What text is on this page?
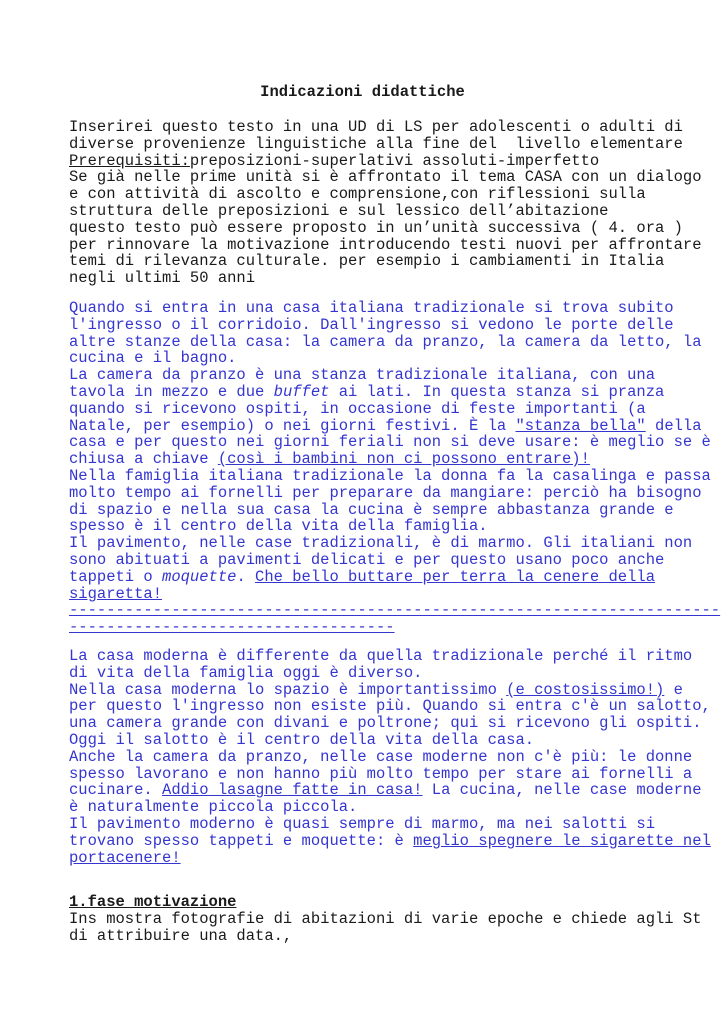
Indicazioni didattiche
Inserirei questo testo in una UD di LS per adolescenti o adulti di
diverse provenienze linguistiche alla fine del  livello elementare
Prerequisiti:preposizioni-superlativi assoluti-imperfetto
Se già nelle prime unità si è affrontato il tema CASA con un dialogo
e con attività di ascolto e comprensione,con riflessioni sulla
struttura delle preposizioni e sul lessico dell’abitazione
questo testo può essere proposto in un’unità successiva ( 4. ora )
per rinnovare la motivazione introducendo testi nuovi per affrontare
temi di rilevanza culturale. per esempio i cambiamenti in Italia
negli ultimi 50 anni
Quando si entra in una casa italiana tradizionale si trova subito
l'ingresso o il corridoio. Dall'ingresso si vedono le porte delle
altre stanze della casa: la camera da pranzo, la camera da letto, la
cucina e il bagno.
La camera da pranzo è una stanza tradizionale italiana, con una
tavola in mezzo e due buffet ai lati. In questa stanza si pranza
quando si ricevono ospiti, in occasione di feste importanti (a
Natale, per esempio) o nei giorni festivi. È la "stanza bella" della
casa e per questo nei giorni feriali non si deve usare: è meglio se è
chiusa a chiave (così i bambini non ci possono entrare)!
Nella famiglia italiana tradizionale la donna fa la casalinga e passa
molto tempo ai fornelli per preparare da mangiare: perciò ha bisogno
di spazio e nella sua casa la cucina è sempre abbastanza grande e
spesso è il centro della vita della famiglia.
Il pavimento, nelle case tradizionali, è di marmo. Gli italiani non
sono abituati a pavimenti delicati e per questo usano poco anche
tappeti o moquette. Che bello buttare per terra la cenere della
sigaretta!
----------------------------------------------------------------------
-----------------------------------
La casa moderna è differente da quella tradizionale perché il ritmo
di vita della famiglia oggi è diverso.
Nella casa moderna lo spazio è importantissimo (e costosissimo!) e
per questo l'ingresso non esiste più. Quando si entra c'è un salotto,
una camera grande con divani e poltrone; qui si ricevono gli ospiti.
Oggi il salotto è il centro della vita della casa.
Anche la camera da pranzo, nelle case moderne non c'è più: le donne
spesso lavorano e non hanno più molto tempo per stare ai fornelli a
cucinare. Addio lasagne fatte in casa! La cucina, nelle case moderne
è naturalmente piccola piccola.
Il pavimento moderno è quasi sempre di marmo, ma nei salotti si
trovano spesso tappeti e moquette: è meglio spegnere le sigarette nel
portacenere!
1.fase motivazione
Ins mostra fotografie di abitazioni di varie epoche e chiede agli St
di attribuire una data.,
